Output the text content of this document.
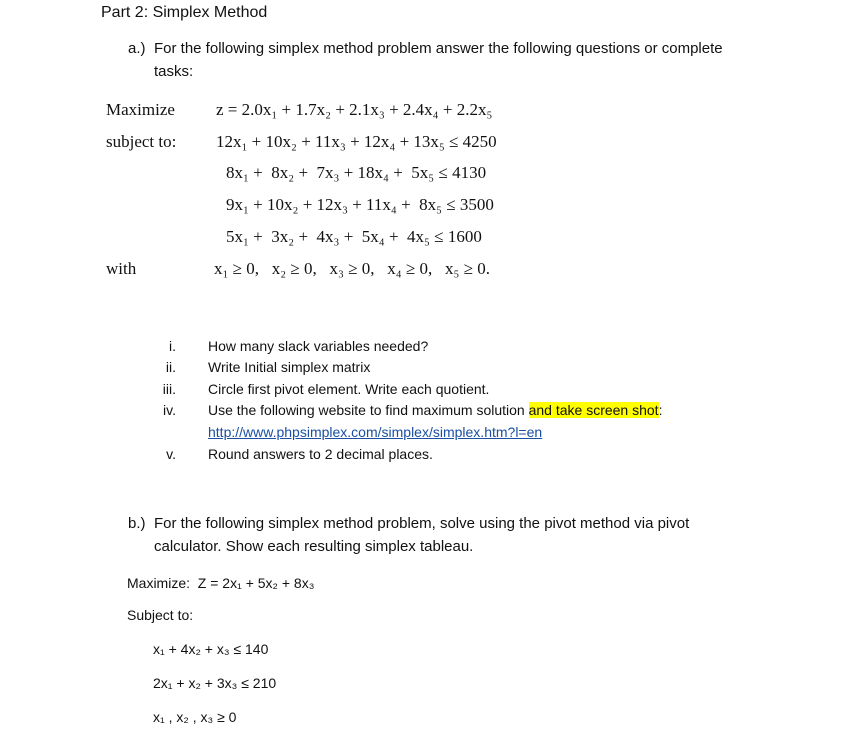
Part 2: Simplex Method
a.) For the following simplex method problem answer the following questions or complete
tasks:
Maximize z = 2.0x₁ + 1.7x₂ + 2.1x₃ + 2.4x₄ + 2.2x₅
subject to: 12x₁ + 10x₂ + 11x₃ + 12x₄ + 13x₅ ≤ 4250
8x₁ +  8x₂ +  7x₃ + 18x₄ +  5x₅ ≤ 4130
9x₁ + 10x₂ + 12x₃ + 11x₄ +  8x₅ ≤ 3500
5x₁ +  3x₂ +  4x₃ +  5x₄ +  4x₅ ≤ 1600
with	x₁ ≥ 0,   x₂ ≥ 0,   x₃ ≥ 0,   x₄ ≥ 0,   x₅ ≥ 0.
i. How many slack variables needed?
ii. Write Initial simplex matrix
iii. Circle first pivot element. Write each quotient.
iv. Use the following website to find maximum solution and take screen shot:
http://www.phpsimplex.com/simplex/simplex.htm?l=en
v. Round answers to 2 decimal places.
b.) For the following simplex method problem, solve using the pivot method via pivot
calculator. Show each resulting simplex tableau.
Maximize:  Z = 2x₁ + 5x₂ + 8x₃
Subject to:
x₁ + 4x₂ + x₃ ≤ 140
2x₁ + x₂ + 3x₃ ≤ 210
x₁ , x₂ , x₃ ≥ 0
